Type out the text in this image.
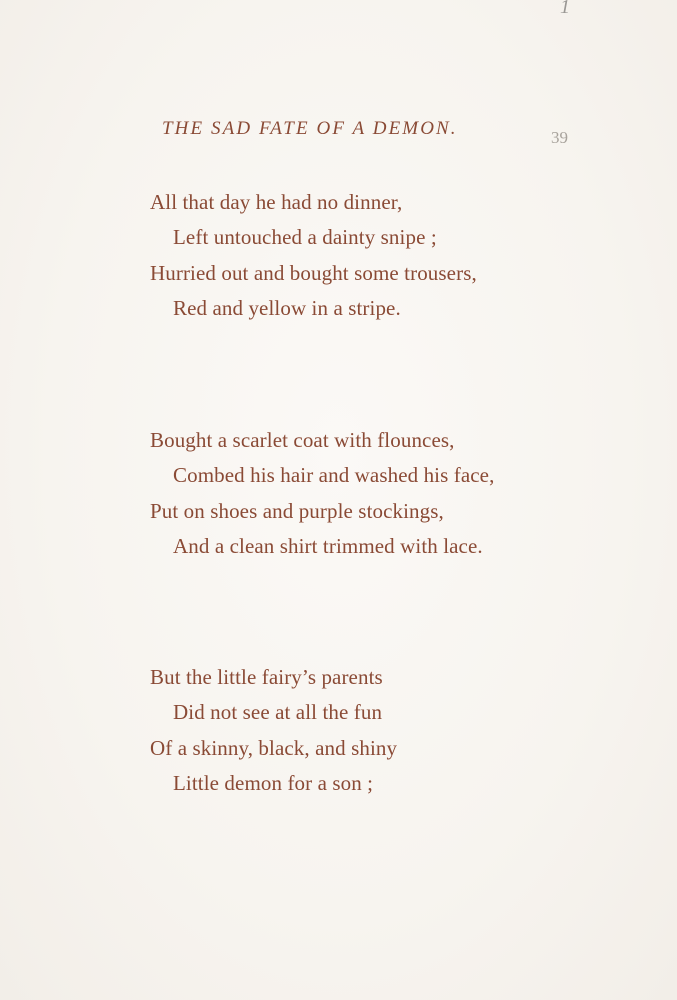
1
THE SAD FATE OF A DEMON.	39
All that day he had no dinner,
Left untouched a dainty snipe ;
Hurried out and bought some trousers,
Red and yellow in a stripe.
Bought a scarlet coat with flounces,
Combed his hair and washed his face,
Put on shoes and purple stockings,
And a clean shirt trimmed with lace.
But the little fairy’s parents
Did not see at all the fun
Of a skinny, black, and shiny
Little demon for a son ;
